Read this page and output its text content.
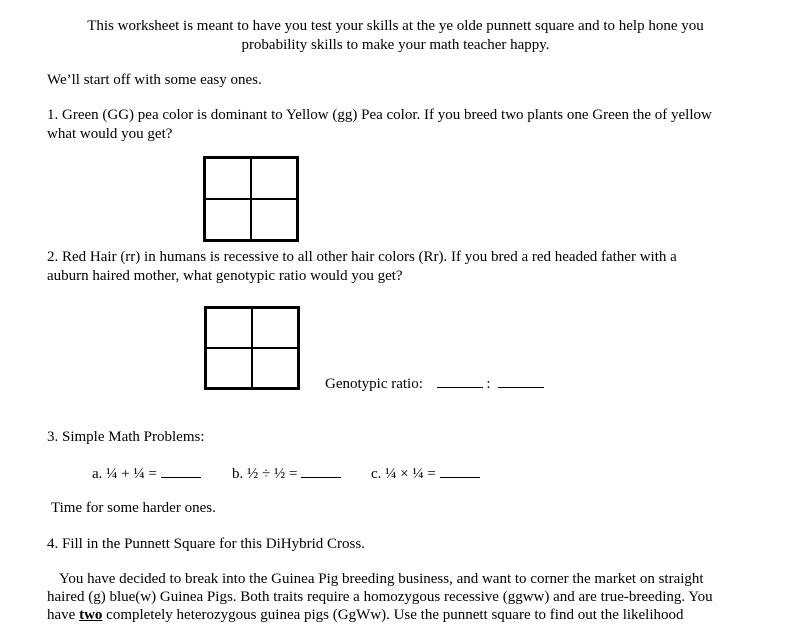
This worksheet is meant to have you test your skills at the ye olde punnett square and to help hone you
probability skills to make your math teacher happy.
We’ll start off with some easy ones.
1. Green (GG) pea color is dominant to Yellow (gg) Pea color. If you breed two plants one Green the of yellow
what would you get?
2. Red Hair (rr) in humans is recessive to all other hair colors (Rr). If you bred a red headed father with a
auburn haired mother, what genotypic ratio would you get?
Genotypic ratio:	:
3. Simple Math Problems:
a. ¼ + ¼ =	b. ½ ÷ ½ =	c. ¼ × ¼ =
Time for some harder ones.
4. Fill in the Punnett Square for this DiHybrid Cross.
You have decided to break into the Guinea Pig breeding business, and want to corner the market on straight
haired (g) blue(w) Guinea Pigs. Both traits require a homozygous recessive (ggww) and are true-breeding. You
have two completely heterozygous guinea pigs (GgWw). Use the punnett square to find out the likelihood
